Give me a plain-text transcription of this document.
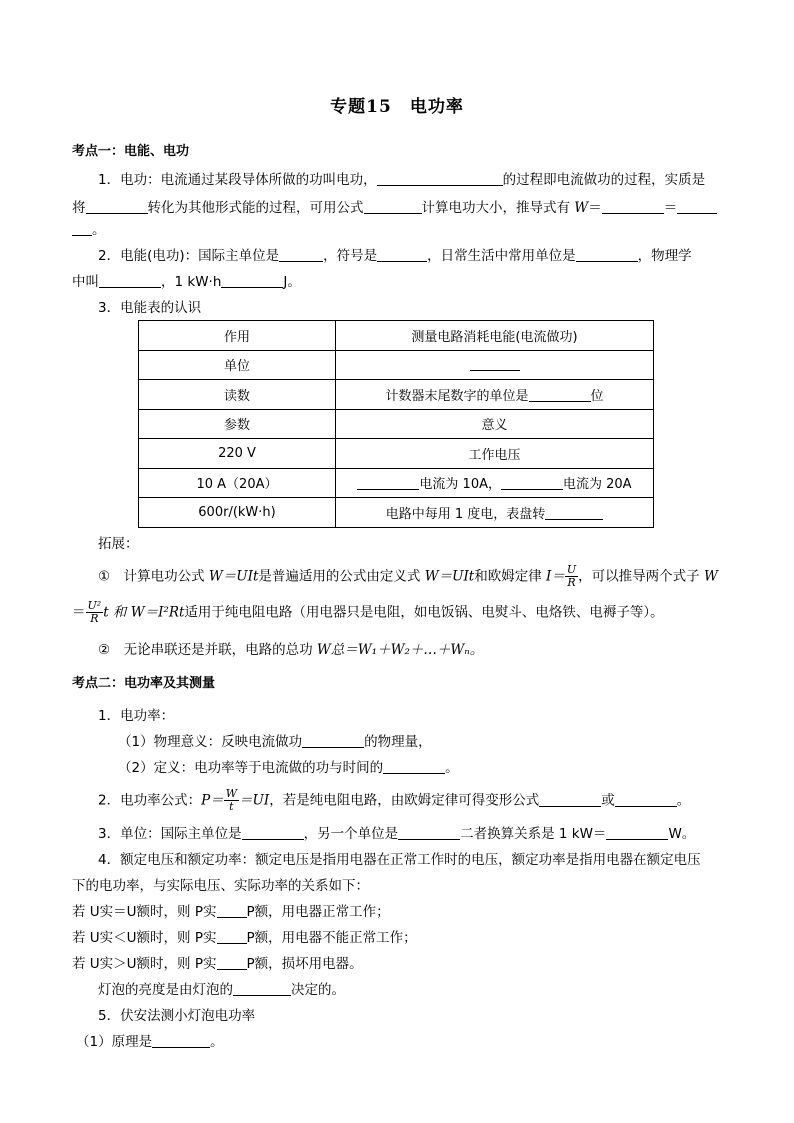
专题15　电功率
考点一：电能、电功
1．电功：电流通过某段导体所做的功叫电功，	的过程即电流做功的过程，实质是
将	转化为其他形式能的过程，可用公式	计算电功大小，推导式有 W＝	＝
。
2．电能(电功)：国际主单位是	，符号是	，日常生活中常用单位是	，物理学
中叫	，1 kW·h	J。
3．电能表的认识
作用	测量电路消耗电能(电流做功)
单位	
读数	计数器末尾数字的单位是 位
参数	意义
220 V	工作电压
10 A（20A）	电流为 10A， 电流为 20A
600r/(kW·h)	电路中每用 1 度电，表盘转
拓展：
①　计算电功公式 W＝UIt是普遍适用的公式由定义式 W＝UIt和欧姆定律 $I= \frac{U}{R}$ ，可以推导两个式子 W
＝ $\frac{\text{U²}}{R}$ t 和 W＝I²Rt适用于纯电阻电路（用电器只是电阻，如电饭锅、电熨斗、电烙铁、电褥子等）。
②　无论串联还是并联，电路的总功 W总＝W₁＋W₂＋…＋Wₙ。
考点二：电功率及其测量
1．电功率：
（1）物理意义：反映电流做功	的物理量，
（2）定义：电功率等于电流做的功与时间的	。
2．电功率公式：$P= \frac{W}{t} =UI$，若是纯电阻电路，由欧姆定律可得变形公式	或	。
3．单位：国际主单位是	，另一个单位是	二者换算关系是 1 kW＝	W。
4．额定电压和额定功率：额定电压是指用电器在正常工作时的电压，额定功率是指用电器在额定电压
下的电功率，与实际电压、实际功率的关系如下：
若 U实＝U额时，则 P实 P额，用电器正常工作；
若 U实＜U额时，则 P实 P额，用电器不能正常工作；
若 U实＞U额时，则 P实 P额，损坏用电器。
灯泡的亮度是由灯泡的	决定的。
5．伏安法测小灯泡电功率
（1）原理是	。
